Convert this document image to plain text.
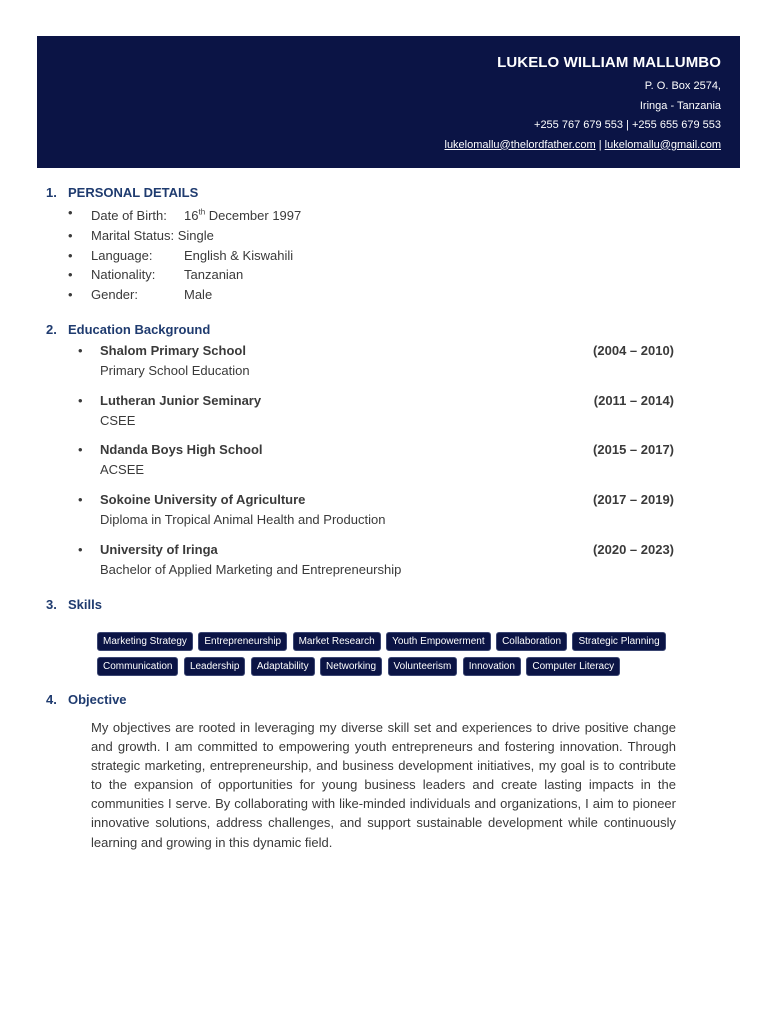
LUKELO WILLIAM MALLUMBO
P. O. Box 2574,
Iringa - Tanzania
+255 767 679 553 | +255 655 679 553
lukelomallu@thelordfather.com | lukelomallu@gmail.com
1. PERSONAL DETAILS
• Date of Birth: 16th December 1997
• Marital Status: Single
• Language: English & Kiswahili
• Nationality: Tanzanian
• Gender:	Male
2. Education Background
• Shalom Primary School	(2004 – 2010)
Primary School Education
• Lutheran Junior Seminary	(2011 – 2014)
CSEE
• Ndanda Boys High School	(2015 – 2017)
ACSEE
• Sokoine University of Agriculture	(2017 – 2019)
Diploma in Tropical Animal Health and Production
• University of Iringa	(2020 – 2023)
Bachelor of Applied Marketing and Entrepreneurship
3. Skills
Marketing Strategy Entrepreneurship Market Research Youth Empowerment Collaboration Strategic Planning Communication Leadership Adaptability Networking Volunteerism Innovation Computer Literacy
4. Objective
My objectives are rooted in leveraging my diverse skill set and experiences to drive positive change and growth. I am committed to empowering youth entrepreneurs and fostering innovation. Through strategic marketing, entrepreneurship, and business development initiatives, my goal is to contribute to the expansion of opportunities for young business leaders and create lasting impacts in the communities I serve. By collaborating with like-minded individuals and organizations, I aim to pioneer innovative solutions, address challenges, and support sustainable development while continuously learning and growing in this dynamic field.
